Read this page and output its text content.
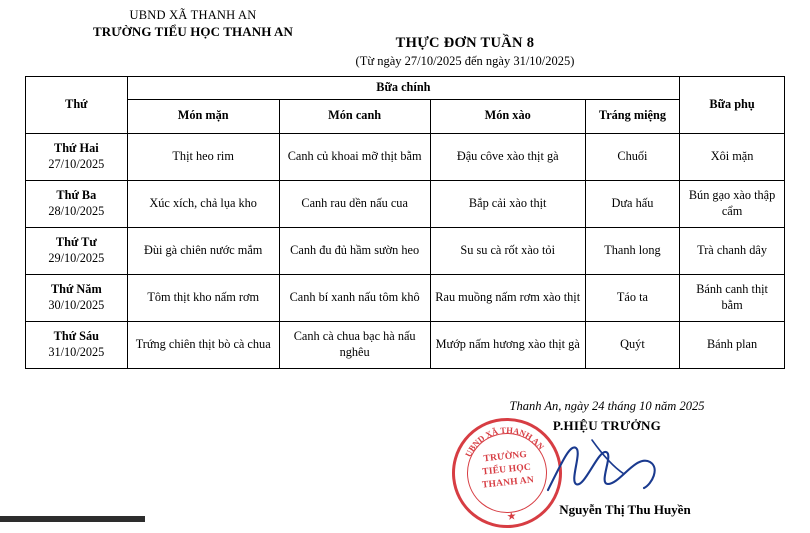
UBND XÃ THANH AN
TRƯỜNG TIỂU HỌC THANH AN
THỰC ĐƠN TUẦN 8
(Từ ngày 27/10/2025 đến ngày 31/10/2025)
Thứ	Bữa chính				Bữa phụ
	Món mặn	Món canh	Món xào	Tráng miệng	

Thứ Hai
27/10/2025	Thịt heo rim	Canh củ khoai mỡ thịt bằm	Đậu côve xào thịt gà	Chuối	Xôi mặn

Thứ Ba
28/10/2025	Xúc xích, chả lụa kho	Canh rau dền nấu cua	Bắp cải xào thịt	Dưa hấu	Bún gạo xào thập cẩm

Thứ Tư
29/10/2025	Đùi gà chiên nước mắm	Canh đu đủ hầm sườn heo	Su su cà rốt xào tỏi	Thanh long	Trà chanh dây

Thứ Năm
30/10/2025	Tôm thịt kho nấm rơm	Canh bí xanh nấu tôm khô	Rau muồng nấm rơm xào thịt	Táo ta	Bánh canh thịt bằm

Thứ Sáu
31/10/2025	Trứng chiên thịt bò cà chua	Canh cà chua bạc hà nấu nghêu	Mướp nấm hương xào thịt gà	Quýt	Bánh plan
Thanh An, ngày 24 tháng 10 năm 2025
P.HIỆU TRƯỞNG
Nguyễn Thị Thu Huyền
UBND XÃ THANH AN
TRƯỜNG
TIỂU HỌC
THANH AN
★
